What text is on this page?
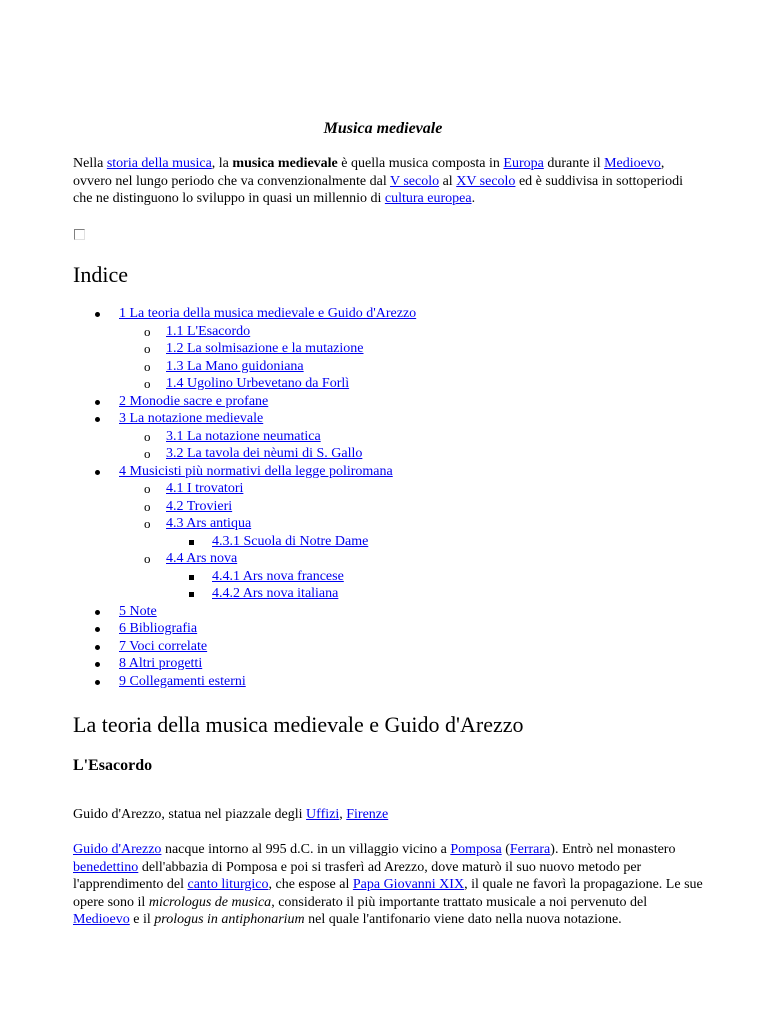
Musica medievale
Nella storia della musica, la musica medievale è quella musica composta in Europa durante il Medioevo, ovvero nel lungo periodo che va convenzionalmente dal V secolo al XV secolo ed è suddivisa in sottoperiodi che ne distinguono lo sviluppo in quasi un millennio di cultura europea.
Indice
1 La teoria della musica medievale e Guido d'Arezzo
o 1.1 L'Esacordo
o 1.2 La solmisazione e la mutazione
o 1.3 La Mano guidoniana
o 1.4 Ugolino Urbevetano da Forlì
2 Monodie sacre e profane
3 La notazione medievale
o 3.1 La notazione neumatica
o 3.2 La tavola dei nèumi di S. Gallo
4 Musicisti più normativi della legge poliromana
o 4.1 I trovatori
o 4.2 Trovieri
o 4.3 Ars antiqua
4.3.1 Scuola di Notre Dame
o 4.4 Ars nova
4.4.1 Ars nova francese
4.4.2 Ars nova italiana
5 Note
6 Bibliografia
7 Voci correlate
8 Altri progetti
9 Collegamenti esterni
La teoria della musica medievale e Guido d'Arezzo
L'Esacordo
Guido d'Arezzo, statua nel piazzale degli Uffizi, Firenze
Guido d'Arezzo nacque intorno al 995 d.C. in un villaggio vicino a Pomposa (Ferrara). Entrò nel monastero benedettino dell'abbazia di Pomposa e poi si trasferì ad Arezzo, dove maturò il suo nuovo metodo per l'apprendimento del canto liturgico, che espose al Papa Giovanni XIX, il quale ne favorì la propagazione. Le sue opere sono il micrologus de musica, considerato il più importante trattato musicale a noi pervenuto del Medioevo e il prologus in antiphonarium nel quale l'antifonario viene dato nella nuova notazione.
